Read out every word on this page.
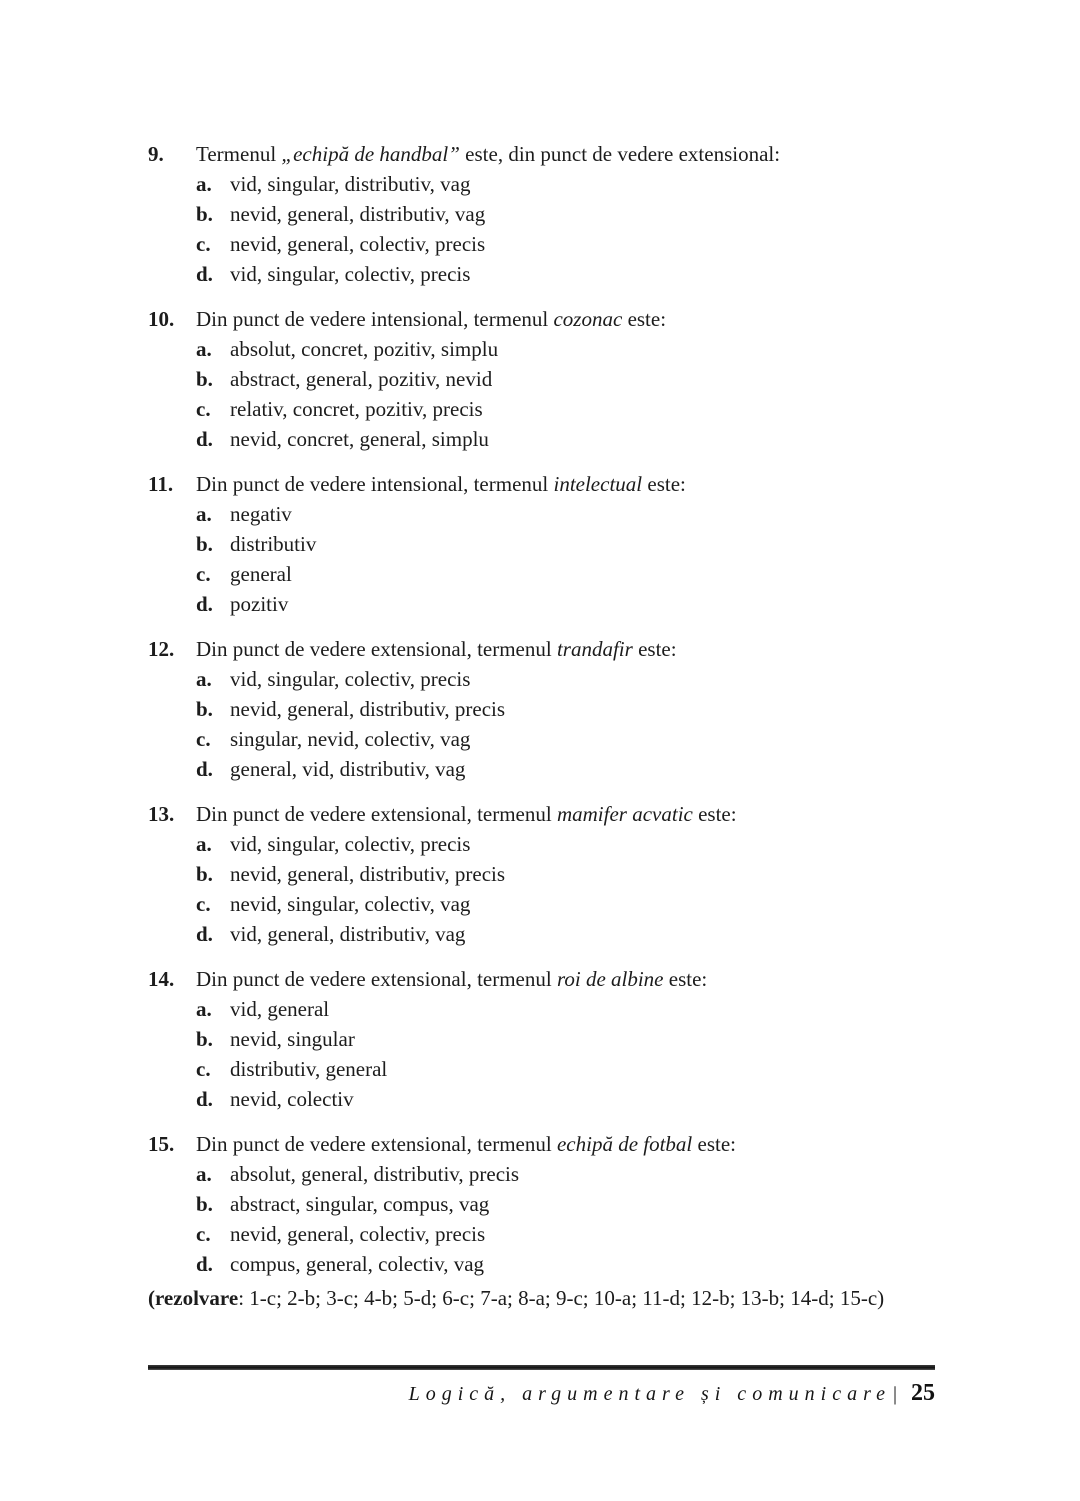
9.	Termenul „echipă de handbal” este, din punct de vedere extensional:
a. vid, singular, distributiv, vag
b. nevid, general, distributiv, vag
c. nevid, general, colectiv, precis
d. vid, singular, colectiv, precis
10.	Din punct de vedere intensional, termenul cozonac este:
a. absolut, concret, pozitiv, simplu
b. abstract, general, pozitiv, nevid
c. relativ, concret, pozitiv, precis
d. nevid, concret, general, simplu
11.	Din punct de vedere intensional, termenul intelectual este:
a. negativ
b. distributiv
c. general
d. pozitiv
12.	Din punct de vedere extensional, termenul trandafir este:
a. vid, singular, colectiv, precis
b. nevid, general, distributiv, precis
c. singular, nevid, colectiv, vag
d. general, vid, distributiv, vag
13.	Din punct de vedere extensional, termenul mamifer acvatic este:
a. vid, singular, colectiv, precis
b. nevid, general, distributiv, precis
c. nevid, singular, colectiv, vag
d. vid, general, distributiv, vag
14.	Din punct de vedere extensional, termenul roi de albine este:
a. vid, general
b. nevid, singular
c. distributiv, general
d. nevid, colectiv
15.	Din punct de vedere extensional, termenul echipă de fotbal este:
a. absolut, general, distributiv, precis
b. abstract, singular, compus, vag
c. nevid, general, colectiv, precis
d. compus, general, colectiv, vag
(rezolvare: 1-c; 2-b; 3-c; 4-b; 5-d; 6-c; 7-a; 8-a; 9-c; 10-a; 11-d; 12-b; 13-b; 14-d; 15-c)
Logică, argumentare și comunicare | 25
